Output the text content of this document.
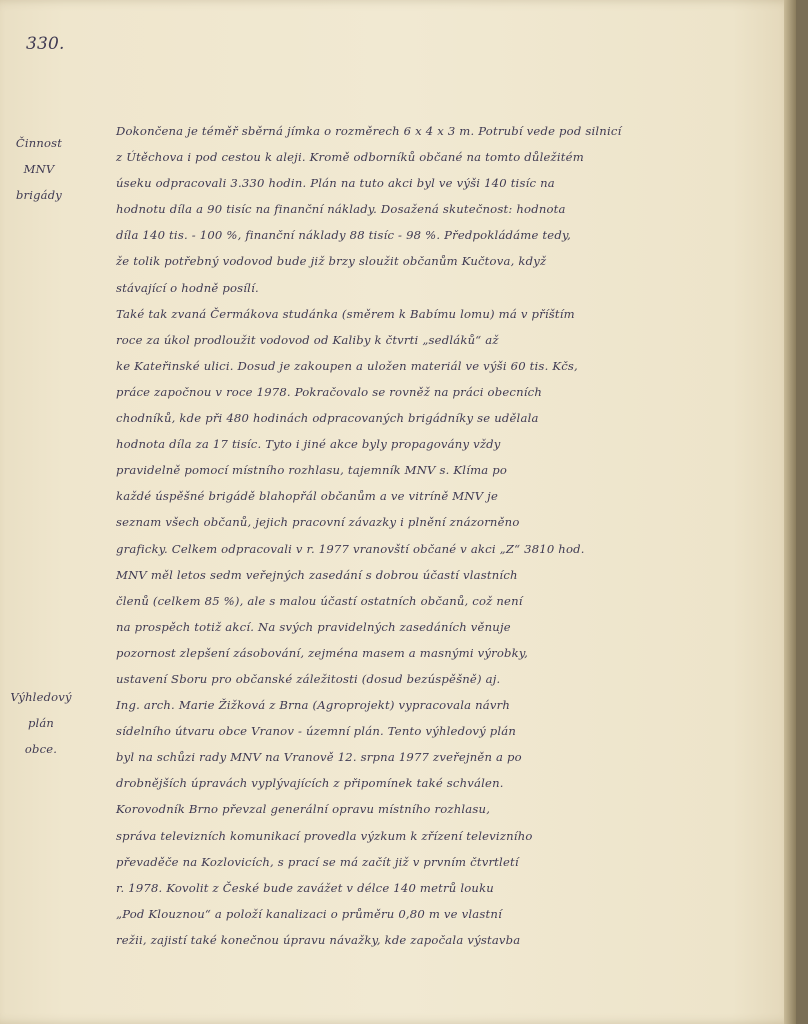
330.
Činnost
MNV
brigády
Výhledový
plán
obce.
Dokončena je téměř sběrná jímka o rozměrech 6 x 4 x 3 m. Potrubí vede pod silnicí
z Útěchova i pod cestou k aleji. Kromě odborníků občané na tomto důležitém
úseku odpracovali 3.330 hodin. Plán na tuto akci byl ve výši 140 tisíc na
hodnotu díla a 90 tisíc na finanční náklady. Dosažená skutečnost: hodnota
díla 140 tis. - 100 %, finanční náklady 88 tisíc - 98 %. Předpokládáme tedy,
že tolik potřebný vodovod bude již brzy sloužit občanům Kučtova, když
stávající o hodně posílí.
Také tak zvaná Čermákova studánka (směrem k Babímu lomu) má v příštím
roce za úkol prodloužit vodovod od Kaliby k čtvrti „sedláků“ až
ke Kateřinské ulici. Dosud je zakoupen a uložen materiál ve výši 60 tis. Kčs,
práce započnou v roce 1978. Pokračovalo se rovněž na práci obecních
chodníků, kde při 480 hodinách odpracovaných brigádníky se udělala
hodnota díla za 17 tisíc. Tyto i jiné akce byly propagovány vždy
pravidelně pomocí místního rozhlasu, tajemník MNV s. Klíma po
každé úspěšné brigádě blahopřál občanům a ve vitríně MNV je
seznam všech občanů, jejich pracovní závazky i plnění znázorněno
graficky. Celkem odpracovali v r. 1977 vranovští občané v akci „Z“ 3810 hod.
MNV měl letos sedm veřejných zasedání s dobrou účastí vlastních
členů (celkem 85 %), ale s malou účastí ostatních občanů, což není
na prospěch totiž akcí. Na svých pravidelných zasedáních věnuje
pozornost zlepšení zásobování, zejména masem a masnými výrobky,
ustavení Sboru pro občanské záležitosti (dosud bezúspěšně) aj.
Ing. arch. Marie Žižková z Brna (Agroprojekt) vypracovala návrh
sídelního útvaru obce Vranov - územní plán. Tento výhledový plán
byl na schůzi rady MNV na Vranově 12. srpna 1977 zveřejněn a po
drobnějších úpravách vyplývajících z připomínek také schválen.
Korovodník Brno převzal generální opravu místního rozhlasu,
správa televizních komunikací provedla výzkum k zřízení televizního
převaděče na Kozlovicích, s prací se má začít již v prvním čtvrtletí
r. 1978. Kovolit z České bude zavážet v délce 140 metrů louku
„Pod Klouznou“ a položí kanalizaci o průměru 0,80 m ve vlastní
režii, zajistí také konečnou úpravu návažky, kde započala výstavba
